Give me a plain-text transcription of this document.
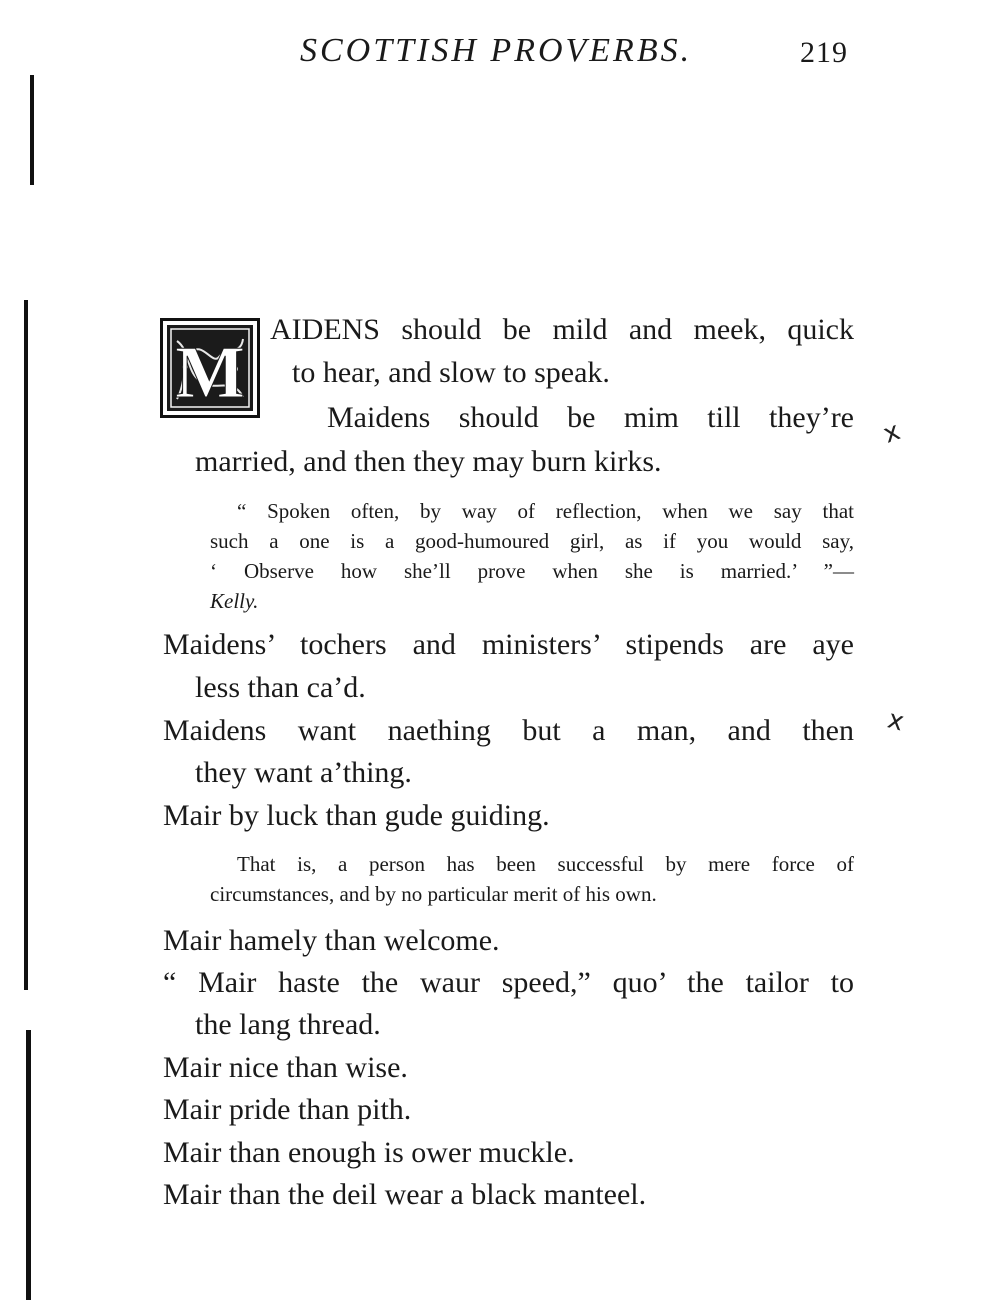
SCOTTISH PROVERBS.	219
M
AIDENS should be mild and meek, quick
to hear, and slow to speak.
Maidens should be mim till they’re
married, and then they may burn kirks.
“ Spoken often, by way of reflection, when we say that
such a one is a good-humoured girl, as if you would say,
‘ Observe how she’ll prove when she is married.’ ”—
Kelly.
Maidens’ tochers and ministers’ stipends are aye
less than ca’d.
Maidens want naething but a man, and then
they want a’thing.
Mair by luck than gude guiding.
That is, a person has been successful by mere force of
circumstances, and by no particular merit of his own.
Mair hamely than welcome.
“ Mair haste the waur speed,” quo’ the tailor to
the lang thread.
Mair nice than wise.
Mair pride than pith.
Mair than enough is ower muckle.
Mair than the deil wear a black manteel.
x
x
